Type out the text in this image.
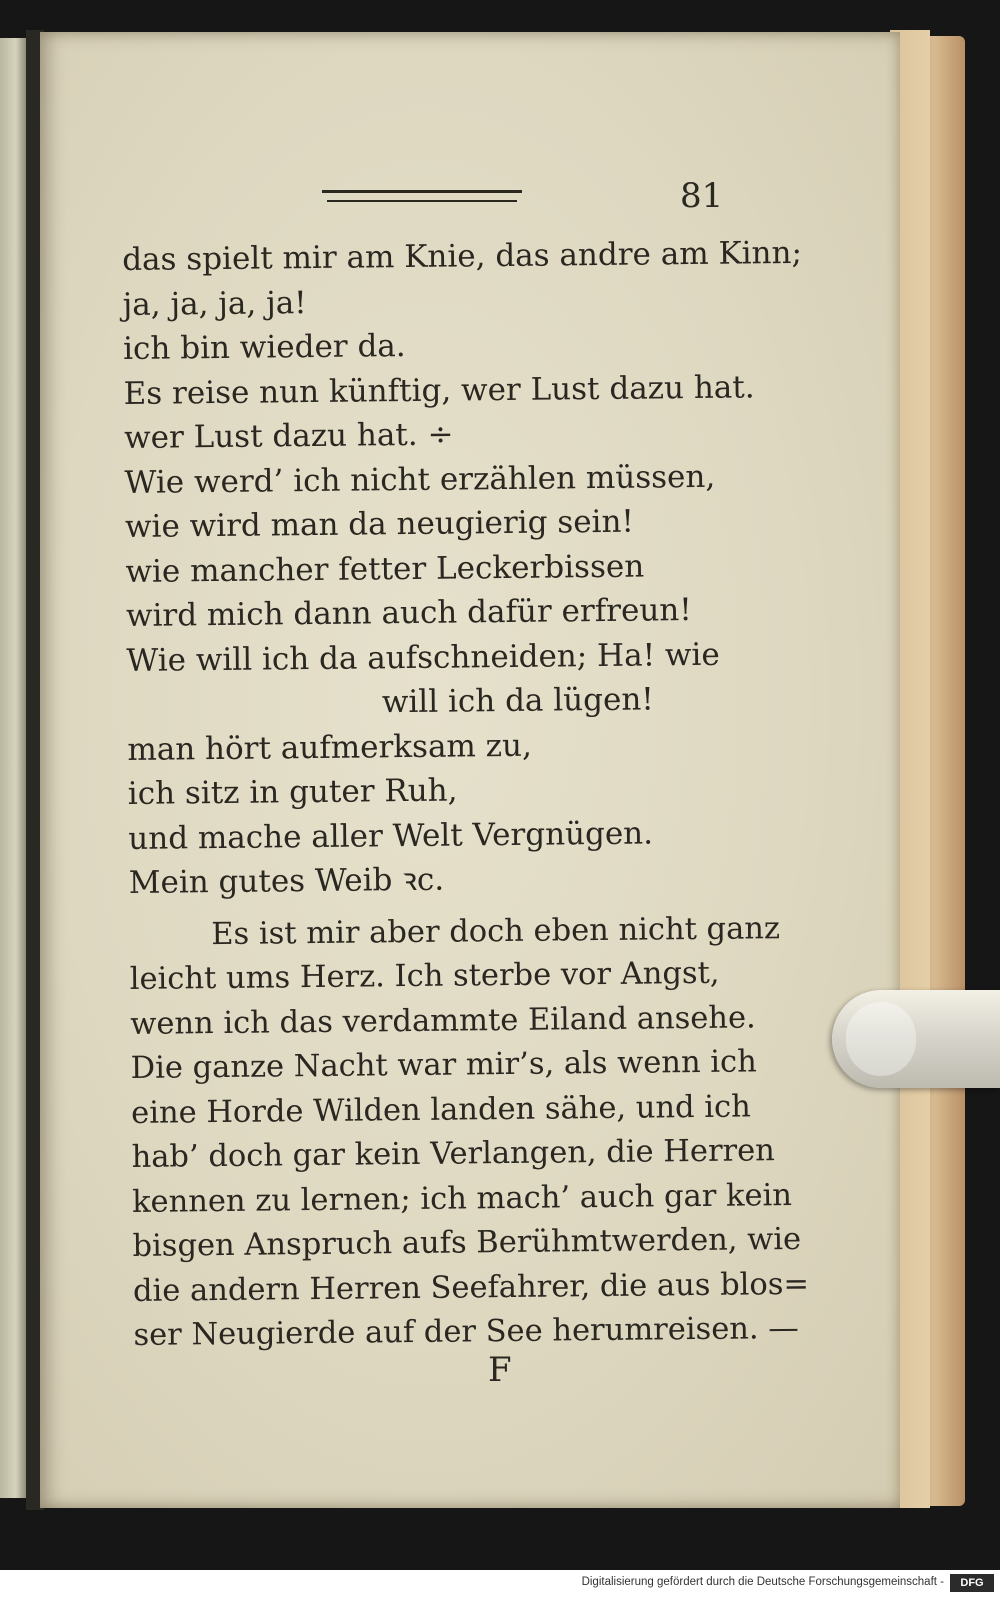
81
das spielt mir am Knie, das andre am Kinn;
ja, ja, ja, ja!
ich bin wieder da.
Es reise nun künftig, wer Lust dazu hat.
wer Lust dazu hat. ÷
Wie werd’ ich nicht erzählen müssen,
wie wird man da neugierig sein!
wie mancher fetter Leckerbissen
wird mich dann auch dafür erfreun!
Wie will ich da aufschneiden; Ha! wie
will ich da lügen!
man hört aufmerksam zu,
ich sitz in guter Ruh,
und mache aller Welt Vergnügen.
Mein gutes Weib ꝛc.
Es ist mir aber doch eben nicht ganz
leicht ums Herz. Ich sterbe vor Angst,
wenn ich das verdammte Eiland ansehe.
Die ganze Nacht war mir’s, als wenn ich
eine Horde Wilden landen sähe, und ich
hab’ doch gar kein Verlangen, die Herren
kennen zu lernen; ich mach’ auch gar kein
bisgen Anspruch aufs Berühmtwerden, wie
die andern Herren Seefahrer, die aus blos=
ser Neugierde auf der See herumreisen. —
F
Digitalisierung gefördert durch die Deutsche Forschungsgemeinschaft -	DFG
